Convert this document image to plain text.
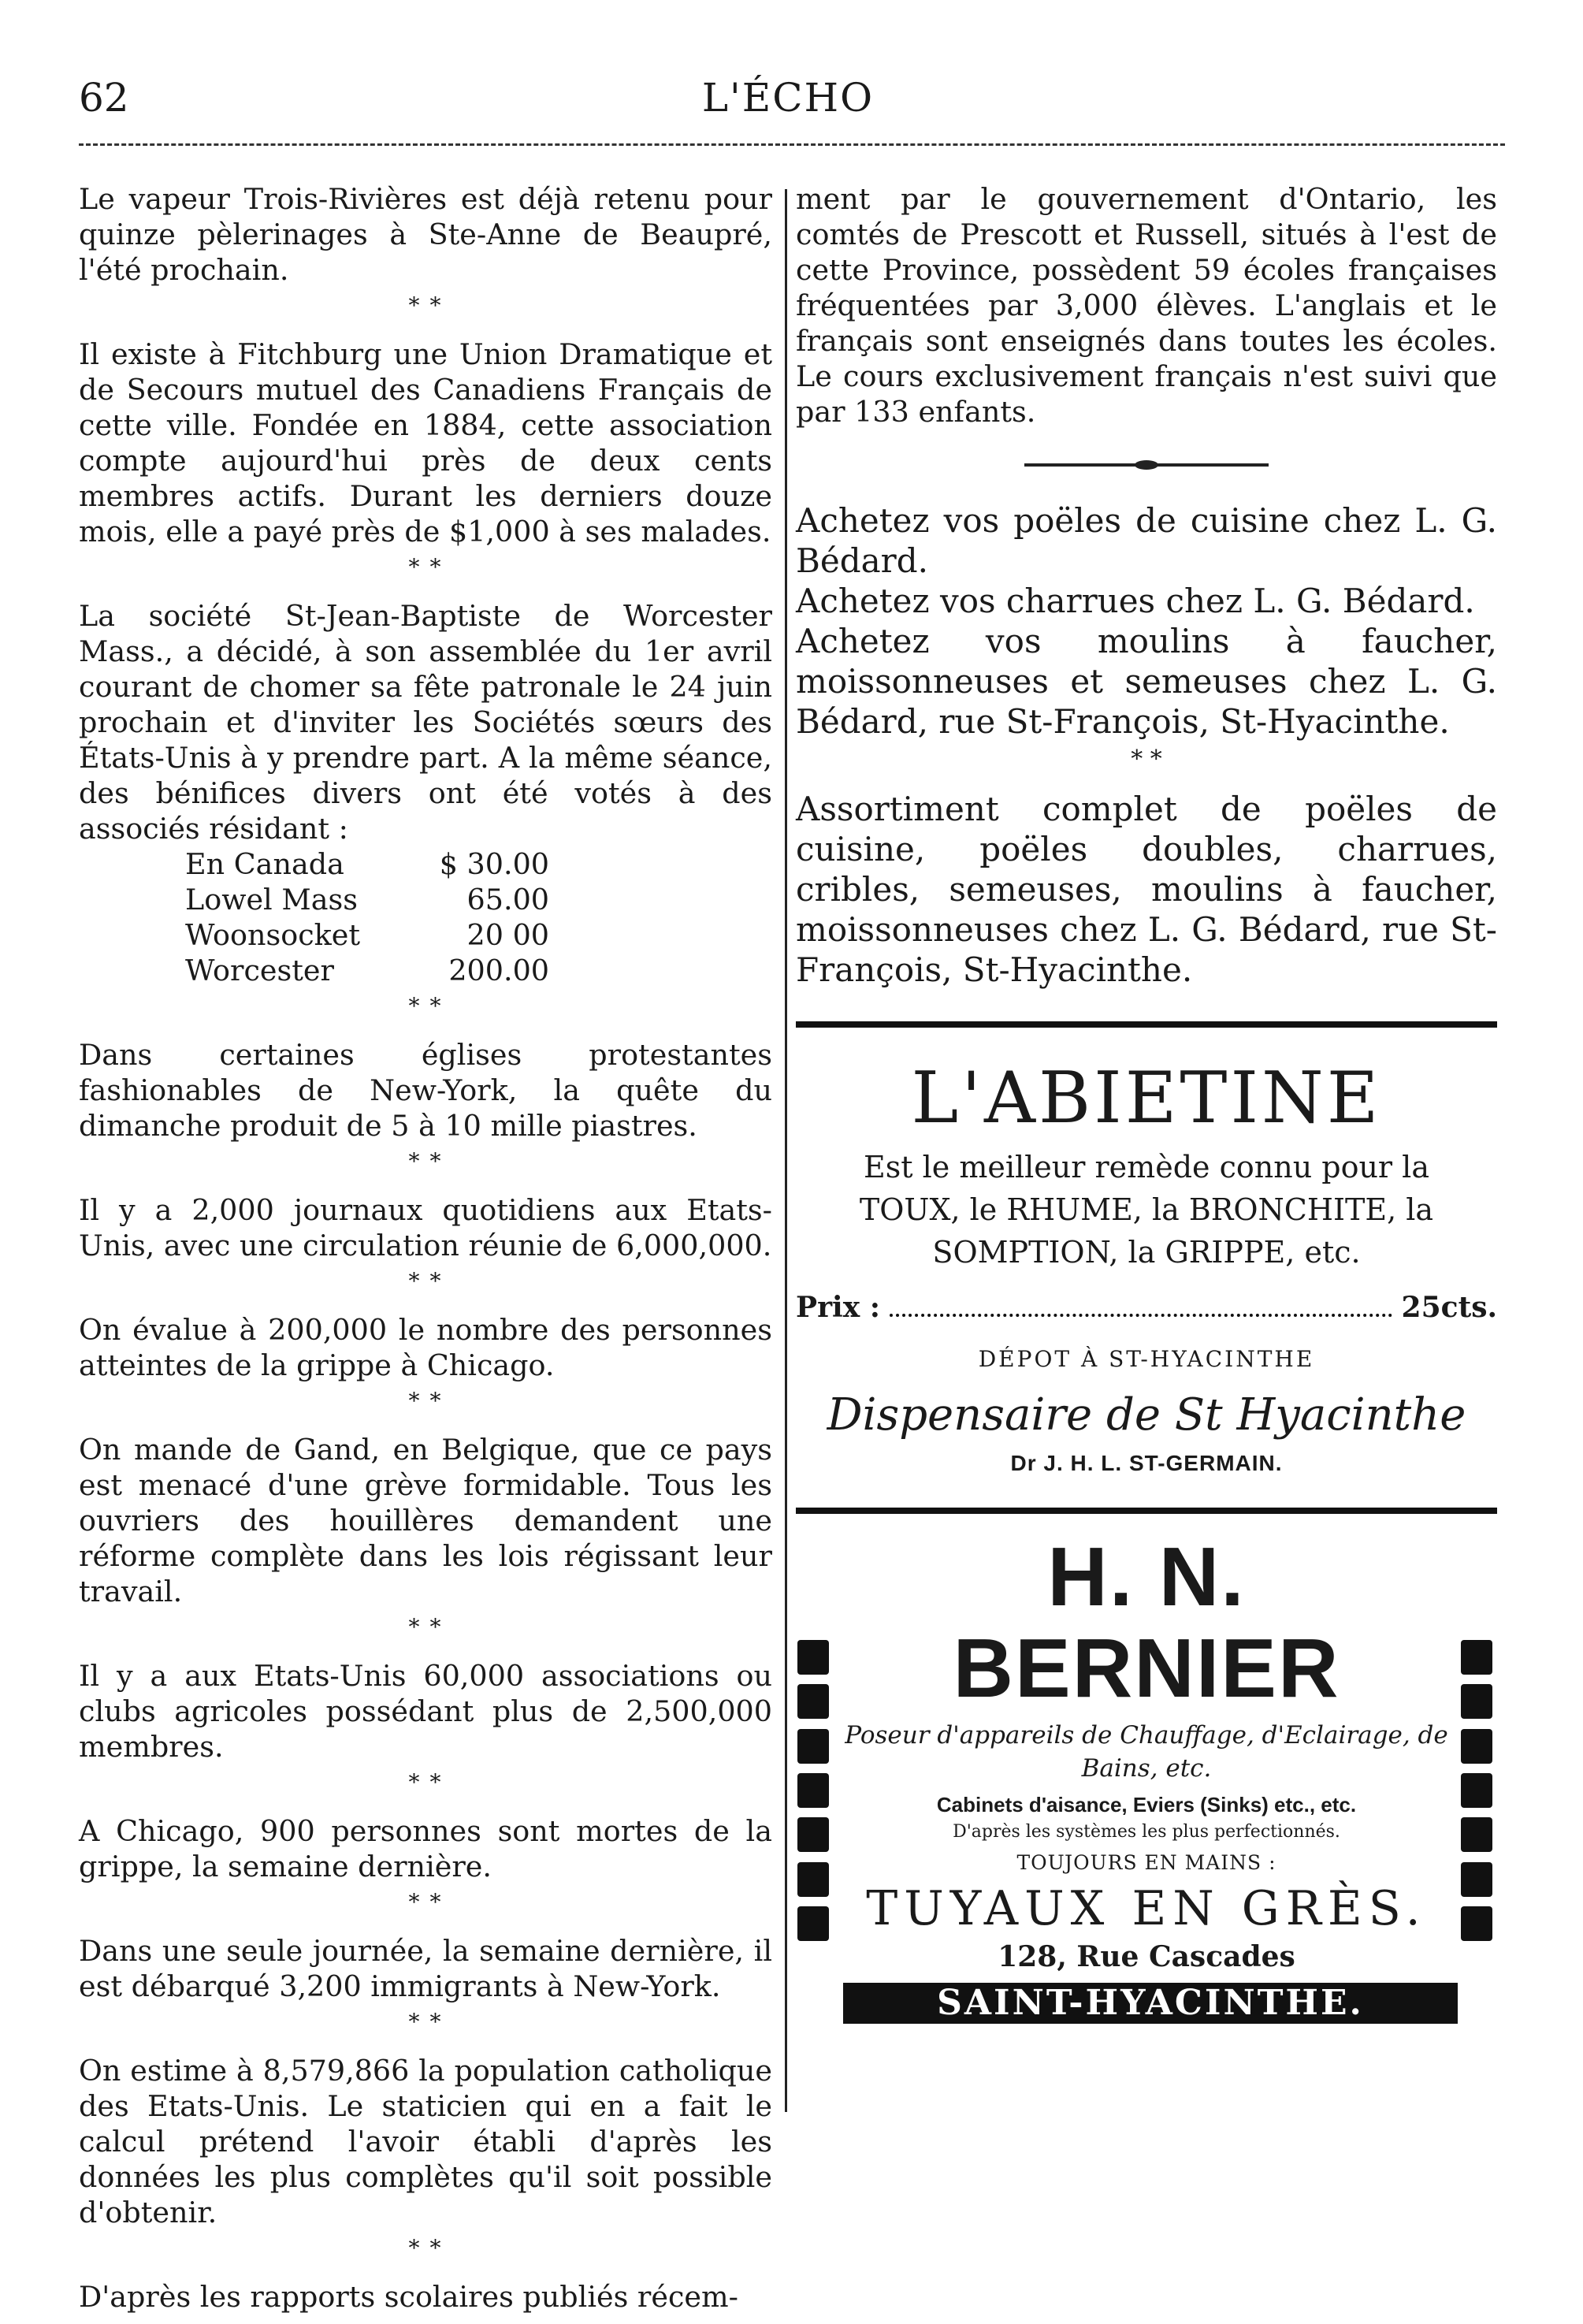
62	L'ÉCHO

Le vapeur Trois-Rivières est déjà retenu pour quinze pèlerinages à Ste-Anne de Beaupré, l'été prochain.

* *

Il existe à Fitchburg une Union Dramatique et de Secours mutuel des Canadiens Français de cette ville. Fondée en 1884, cette association compte aujourd'hui près de deux cents membres actifs. Durant les derniers douze mois, elle a payé près de $1,000 à ses malades.

* *

La société St-Jean-Baptiste de Worcester Mass., a décidé, à son assemblée du 1er avril courant de chomer sa fête patronale le 24 juin prochain et d'inviter les Sociétés sœurs des États-Unis à y prendre part. A la même séance, des bénifices divers ont été votés à des associés résidant :

En Canada	$ 30.00
Lowel Mass	65.00
Woonsocket	20 00
Worcester	200.00
* *

Dans certaines églises protestantes fashionables de New-York, la quête du dimanche produit de 5 à 10 mille piastres.

* *

Il y a 2,000 journaux quotidiens aux Etats-Unis, avec une circulation réunie de 6,000,000.

* *

On évalue à 200,000 le nombre des personnes atteintes de la grippe à Chicago.

* *

On mande de Gand, en Belgique, que ce pays est menacé d'une grève formidable. Tous les ouvriers des houillères demandent une réforme complète dans les lois régissant leur travail.

* *

Il y a aux Etats-Unis 60,000 associations ou clubs agricoles possédant plus de 2,500,000 membres.

* *

A Chicago, 900 personnes sont mortes de la grippe, la semaine dernière.

* *

Dans une seule journée, la semaine dernière, il est débarqué 3,200 immigrants à New-York.

* *

On estime à 8,579,866 la population catholique des Etats-Unis. Le staticien qui en a fait le calcul prétend l'avoir établi d'après les données les plus complètes qu'il soit possible d'obtenir.

* *

D'après les rapports scolaires publiés récem-

ment par le gouvernement d'Ontario, les comtés de Prescott et Russell, situés à l'est de cette Province, possèdent 59 écoles françaises fréquentées par 3,000 élèves. L'anglais et le français sont enseignés dans toutes les écoles. Le cours exclusivement français n'est suivi que par 133 enfants.

Achetez vos poëles de cuisine chez L. G. Bédard.

Achetez vos charrues chez L. G. Bédard.

Achetez vos moulins à faucher, moissonneuses et semeuses chez L. G. Bédard, rue St-François, St-Hyacinthe.

* *

Assortiment complet de poëles de cuisine, poëles doubles, charrues, cribles, semeuses, moulins à faucher, moissonneuses chez L. G. Bédard, rue St-François, St-Hyacinthe.

L'ABIETINE

Est le meilleur remède connu pour la

TOUX, le RHUME, la BRONCHITE, la

SOMPTION, la GRIPPE, etc.

Prix :	25cts.
DÉPOT À ST-HYACINTHE
Dispensaire de St Hyacinthe
Dr J. H. L. ST-GERMAIN.
H. N. BERNIER
Poseur d'appareils de Chauffage, d'Eclairage, de Bains, etc.
Cabinets d'aisance, Eviers (Sinks) etc., etc.
D'après les systèmes les plus perfectionnés.
TOUJOURS EN MAINS :
TUYAUX EN GRÈS.
128, Rue Cascades
SAINT-HYACINTHE.
